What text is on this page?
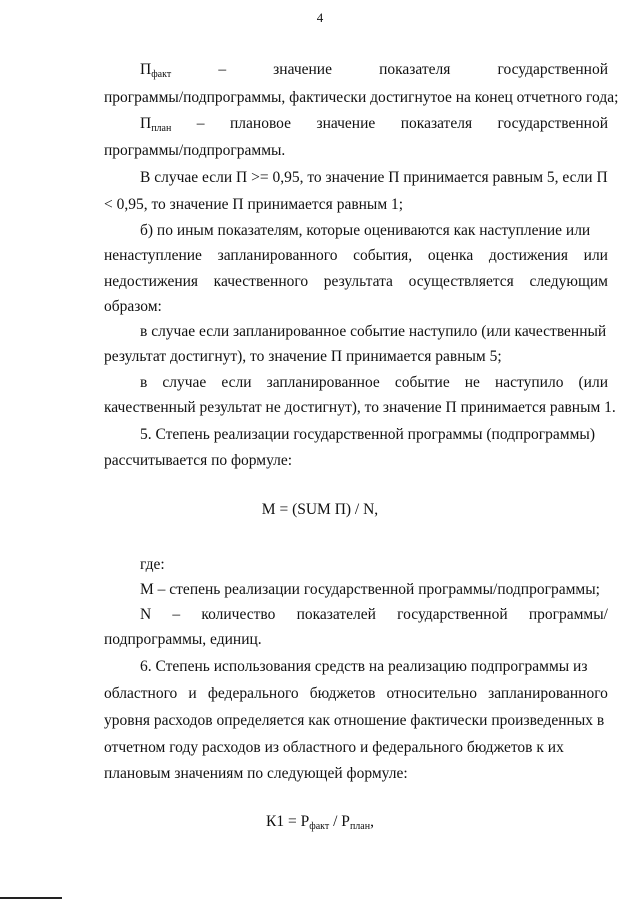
4
$П_{факт}$	–	значение	показателя	государственной
программы/подпрограммы, фактически достигнутое на конец отчетного года;
$П_{план}$ – плановое значение показателя государственной
программы/подпрограммы.
В случае если П >= 0,95, то значение П принимается равным 5, если П
< 0,95, то значение П принимается равным 1;
б) по иным показателям, которые оцениваются как наступление или
ненаступление запланированного события, оценка достижения или
недостижения качественного результата осуществляется следующим
образом:
в случае если запланированное событие наступило (или качественный
результат достигнут), то значение П принимается равным 5;
в случае если запланированное событие не наступило (или
качественный результат не достигнут), то значение П принимается равным 1.
5. Степень реализации государственной программы (подпрограммы)
рассчитывается по формуле:
М = (SUM П) / N,
где:
М – степень реализации государственной программы/подпрограммы;
N – количество показателей государственной программы/
подпрограммы, единиц.
6. Степень использования средств на реализацию подпрограммы из
областного и федерального бюджетов относительно запланированного
уровня расходов определяется как отношение фактически произведенных в
отчетном году расходов из областного и федерального бюджетов к их
плановым значениям по следующей формуле:
$К1 = Р_{факт} / Р_{план}$,
